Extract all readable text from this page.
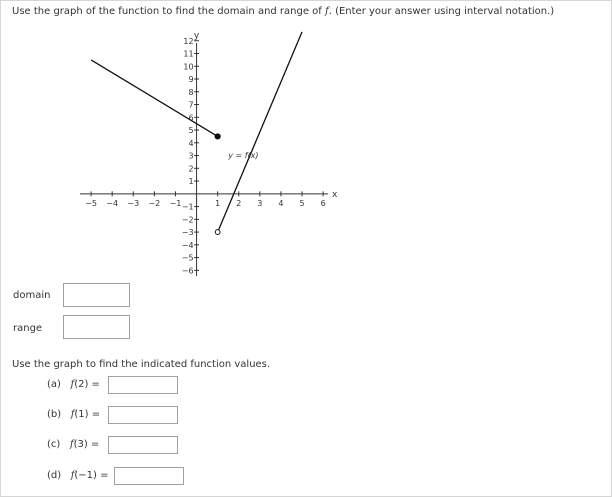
Use the graph of the function to find the domain and range of f. (Enter your answer using interval notation.)
−5 −4 −3 −2 −1	1 2 3 4 5 6
−6
−5
−4
−3
−2
−1
1
2
3
4
5
6
7
8
9
10
11
12
x
y
y = f(x)
domain
range
Use the graph to find the indicated function values.
(a) f(2) =
(b) f(1) =
(c) f(3) =
(d) f(−1) =
